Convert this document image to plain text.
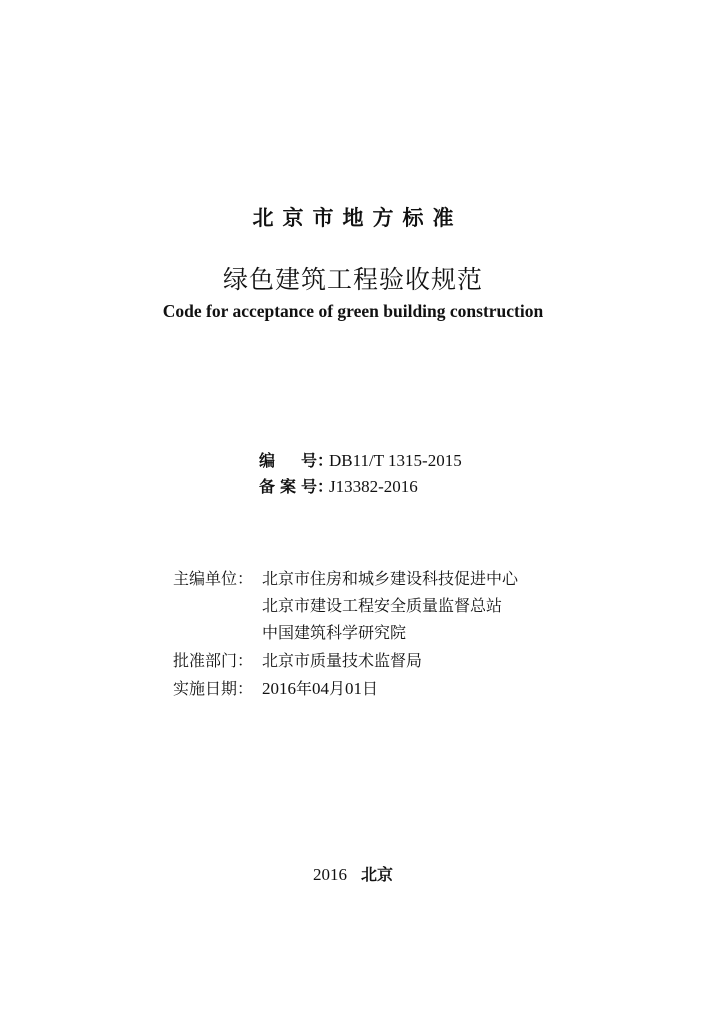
北京市地方标准
绿色建筑工程验收规范
Code for acceptance of green building construction
编号 ：
DB11/T 1315-2015
备案号 ：
J13382-2016
主编单位： 北京市住房和城乡建设科技促进中心
北京市建设工程安全质量监督总站
中国建筑科学研究院
批准部门： 北京市质量技术监督局
实施日期： 2016年04月01日
2016 北京
